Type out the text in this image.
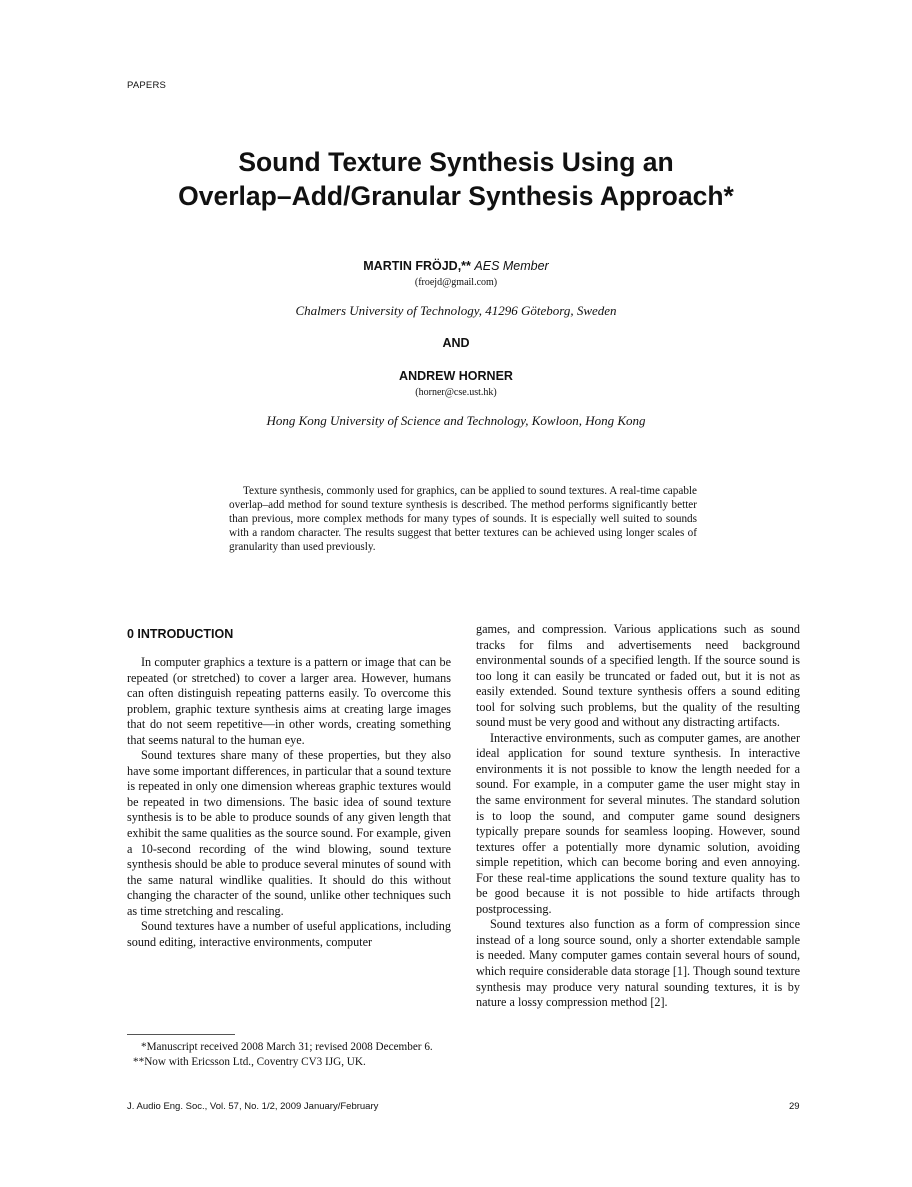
PAPERS
Sound Texture Synthesis Using an
Overlap–Add/Granular Synthesis Approach*
MARTIN FRÖJD,** AES Member
(froejd@gmail.com)
Chalmers University of Technology, 41296 Göteborg, Sweden
AND
ANDREW HORNER
(horner@cse.ust.hk)
Hong Kong University of Science and Technology, Kowloon, Hong Kong

Texture synthesis, commonly used for graphics, can be applied to sound textures. A real-time capable overlap–add method for sound texture synthesis is described. The method performs significantly better than previous, more complex methods for many types of sounds. It is especially well suited to sounds with a random character. The results suggest that better textures can be achieved using longer scales of granularity than used previously.

0 INTRODUCTION

In computer graphics a texture is a pattern or image that can be repeated (or stretched) to cover a larger area. However, humans can often distinguish repeating patterns easily. To overcome this problem, graphic texture synthesis aims at creating large images that do not seem repetitive—in other words, creating something that seems natural to the human eye.

Sound textures share many of these properties, but they also have some important differences, in particular that a sound texture is repeated in only one dimension whereas graphic textures would be repeated in two dimensions. The basic idea of sound texture synthesis is to be able to produce sounds of any given length that exhibit the same qualities as the source sound. For example, given a 10-second recording of the wind blowing, sound texture synthesis should be able to produce several minutes of sound with the same natural windlike qualities. It should do this without changing the character of the sound, unlike other techniques such as time stretching and rescaling.

Sound textures have a number of useful applications, including sound editing, interactive environments, computer

games, and compression. Various applications such as sound tracks for films and advertisements need background environmental sounds of a specified length. If the source sound is too long it can easily be truncated or faded out, but it is not as easily extended. Sound texture synthesis offers a sound editing tool for solving such problems, but the quality of the resulting sound must be very good and without any distracting artifacts.

Interactive environments, such as computer games, are another ideal application for sound texture synthesis. In interactive environments it is not possible to know the length needed for a sound. For example, in a computer game the user might stay in the same environment for several minutes. The standard solution is to loop the sound, and computer game sound designers typically prepare sounds for seamless looping. However, sound textures offer a potentially more dynamic solution, avoiding simple repetition, which can become boring and even annoying. For these real-time applications the sound texture quality has to be good because it is not possible to hide artifacts through postprocessing.

Sound textures also function as a form of compression since instead of a long source sound, only a shorter extendable sample is needed. Many computer games contain several hours of sound, which require considerable data storage [1]. Though sound texture synthesis may produce very natural sounding textures, it is by nature a lossy compression method [2].

*Manuscript received 2008 March 31; revised 2008 December 6.

**Now with Ericsson Ltd., Coventry CV3 IJG, UK.

J. Audio Eng. Soc., Vol. 57, No. 1/2, 2009 January/February	29
